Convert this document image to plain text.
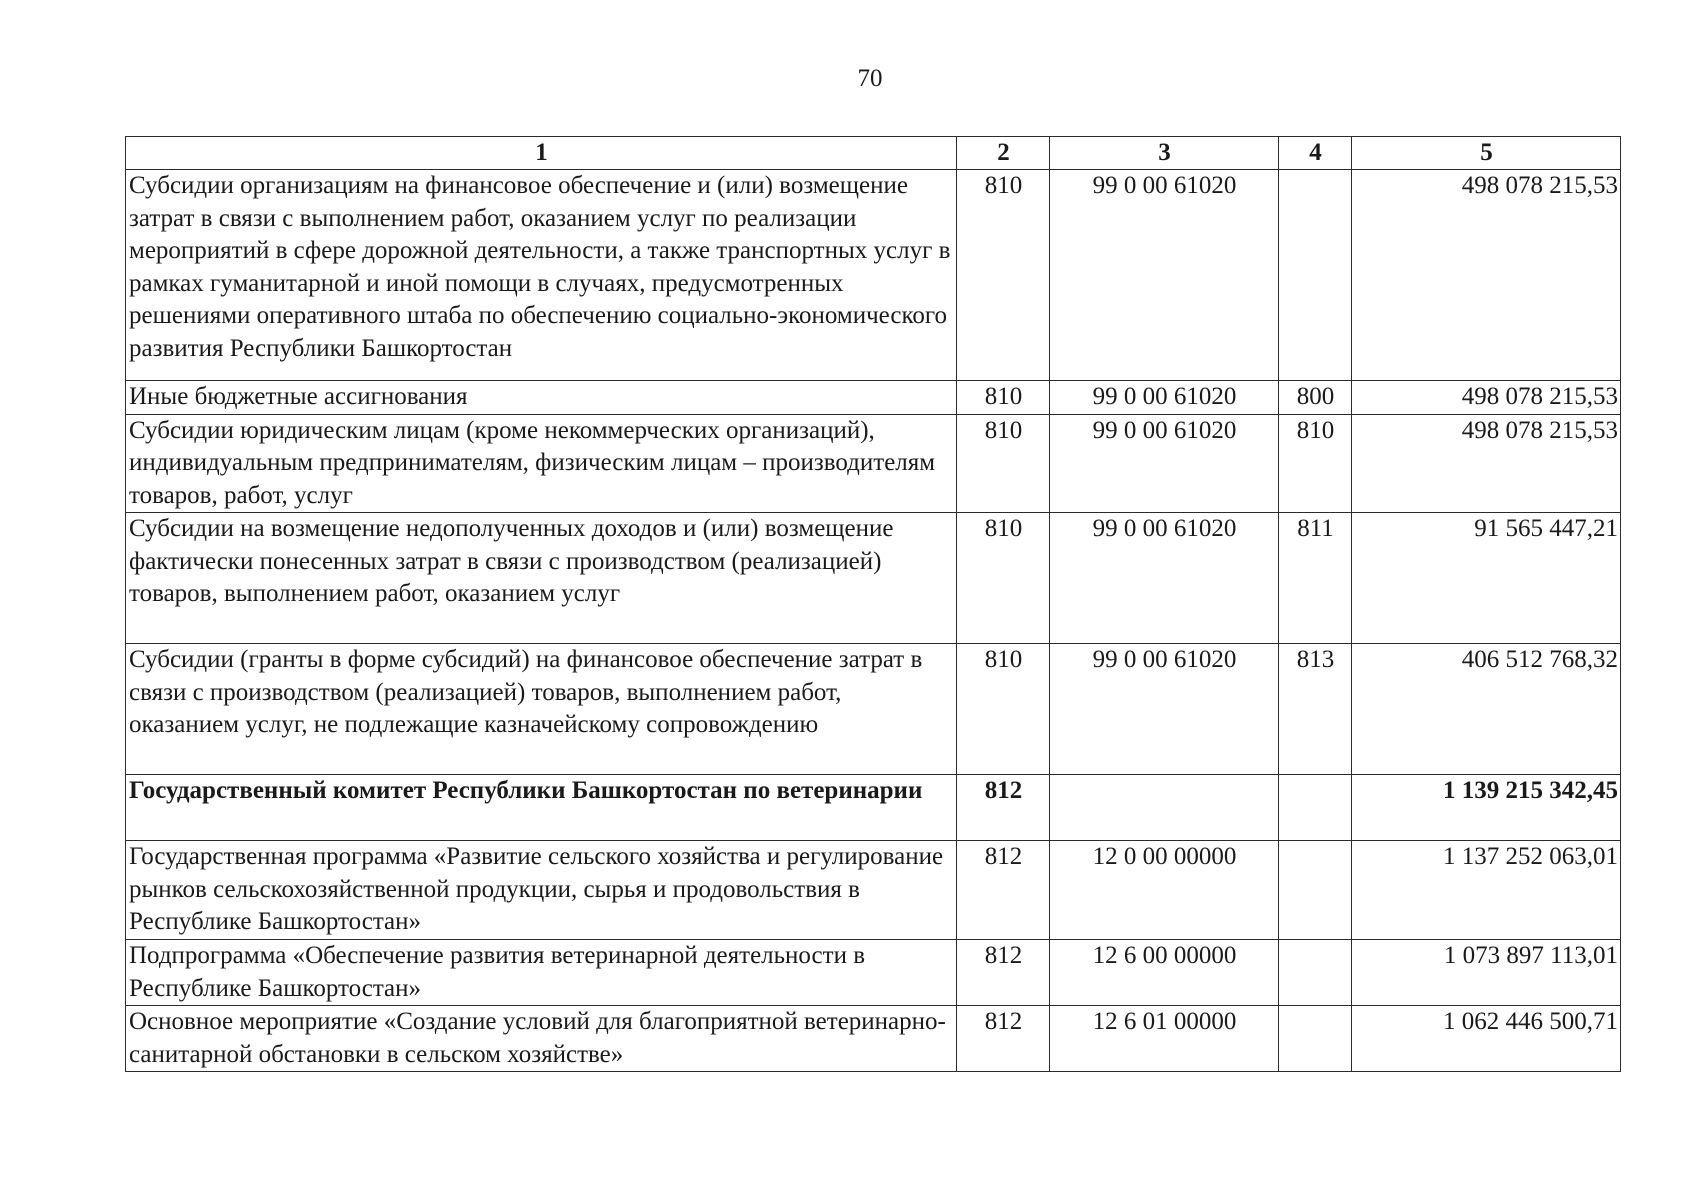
70
1	2	3	4	5
Субсидии организациям на финансовое обеспечение и (или) возмещение затрат в связи с выполнением работ, оказанием услуг по реализации мероприятий в сфере дорожной деятельности, а также транспортных услуг в рамках гуманитарной и иной помощи в случаях, предусмотренных решениями оперативного штаба по обеспечению социально-экономического развития Республики Башкортостан	810	99 0 00 61020		498 078 215,53
Иные бюджетные ассигнования	810	99 0 00 61020	800	498 078 215,53
Субсидии юридическим лицам (кроме некоммерческих организаций), индивидуальным предпринимателям, физическим лицам – производителям товаров, работ, услуг	810	99 0 00 61020	810	498 078 215,53
Субсидии на возмещение недополученных доходов и (или) возмещение фактически понесенных затрат в связи с производством (реализацией) товаров, выполнением работ, оказанием услуг	810	99 0 00 61020	811	91 565 447,21
Субсидии (гранты в форме субсидий) на финансовое обеспечение затрат в связи с производством (реализацией) товаров, выполнением работ, оказанием услуг, не подлежащие казначейскому сопровождению	810	99 0 00 61020	813	406 512 768,32
Государственный комитет Республики Башкортостан по ветеринарии	812			1 139 215 342,45
Государственная программа «Развитие сельского хозяйства и регулирование рынков сельскохозяйственной продукции, сырья и продовольствия в Республике Башкортостан»	812	12 0 00 00000		1 137 252 063,01
Подпрограмма «Обеспечение развития ветеринарной деятельности в Республике Башкортостан»	812	12 6 00 00000		1 073 897 113,01
Основное мероприятие «Создание условий для благоприятной ветеринарно-санитарной обстановки в сельском хозяйстве»	812	12 6 01 00000		1 062 446 500,71
